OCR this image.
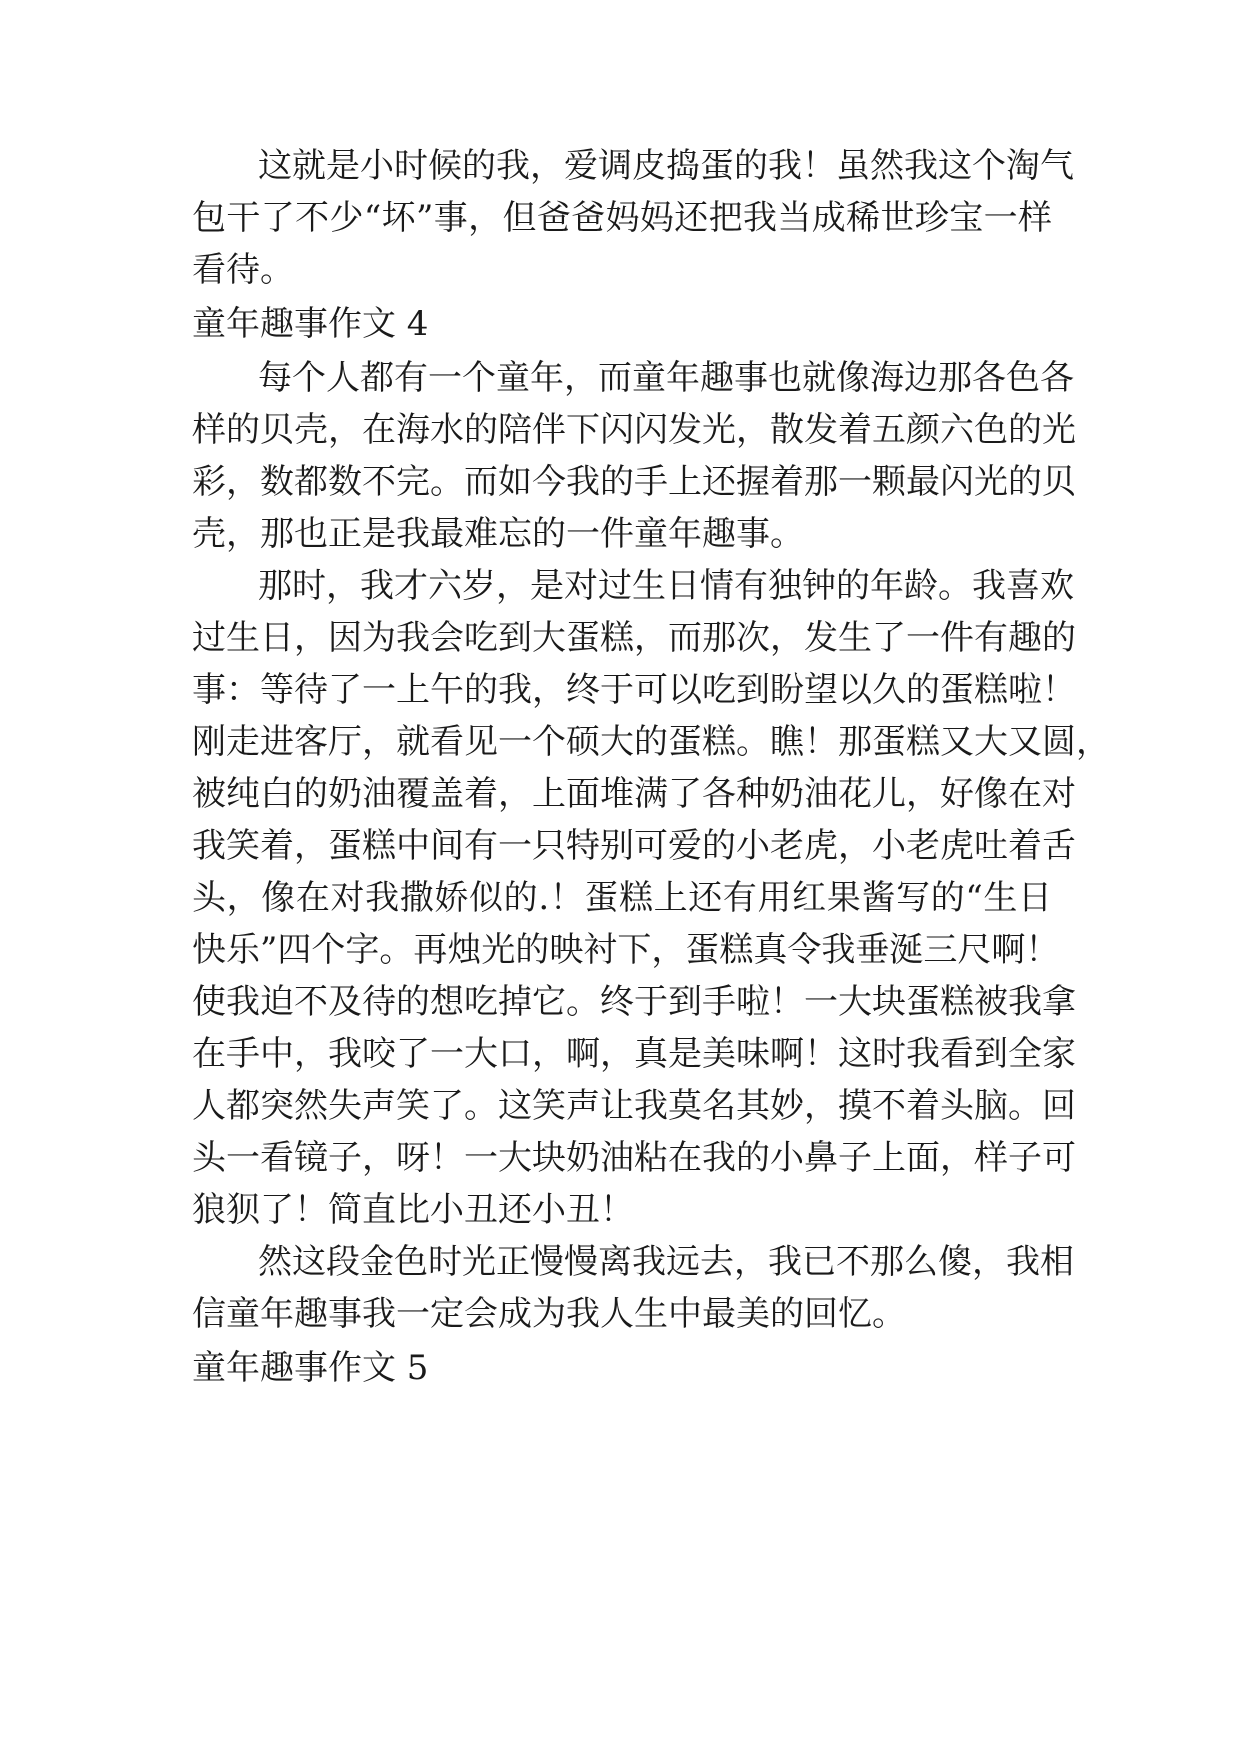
这就是小时候的我，爱调皮捣蛋的我！虽然我这个淘气
包干了不少“坏”事，但爸爸妈妈还把我当成稀世珍宝一样
看待。
童年趣事作文 4
每个人都有一个童年，而童年趣事也就像海边那各色各
样的贝壳，在海水的陪伴下闪闪发光，散发着五颜六色的光
彩，数都数不完。而如今我的手上还握着那一颗最闪光的贝
壳，那也正是我最难忘的一件童年趣事。
那时，我才六岁，是对过生日情有独钟的年龄。我喜欢
过生日，因为我会吃到大蛋糕，而那次，发生了一件有趣的
事：等待了一上午的我，终于可以吃到盼望以久的蛋糕啦！
刚走进客厅，就看见一个硕大的蛋糕。瞧！那蛋糕又大又圆，
被纯白的奶油覆盖着，上面堆满了各种奶油花儿，好像在对
我笑着，蛋糕中间有一只特别可爱的小老虎，小老虎吐着舌
头，像在对我撒娇似的.！蛋糕上还有用红果酱写的“生日
快乐”四个字。再烛光的映衬下，蛋糕真令我垂涎三尺啊！
使我迫不及待的想吃掉它。终于到手啦！一大块蛋糕被我拿
在手中，我咬了一大口，啊，真是美味啊！这时我看到全家
人都突然失声笑了。这笑声让我莫名其妙，摸不着头脑。回
头一看镜子，呀！一大块奶油粘在我的小鼻子上面，样子可
狼狈了！简直比小丑还小丑！
然这段金色时光正慢慢离我远去，我已不那么傻，我相
信童年趣事我一定会成为我人生中最美的回忆。
童年趣事作文 5
